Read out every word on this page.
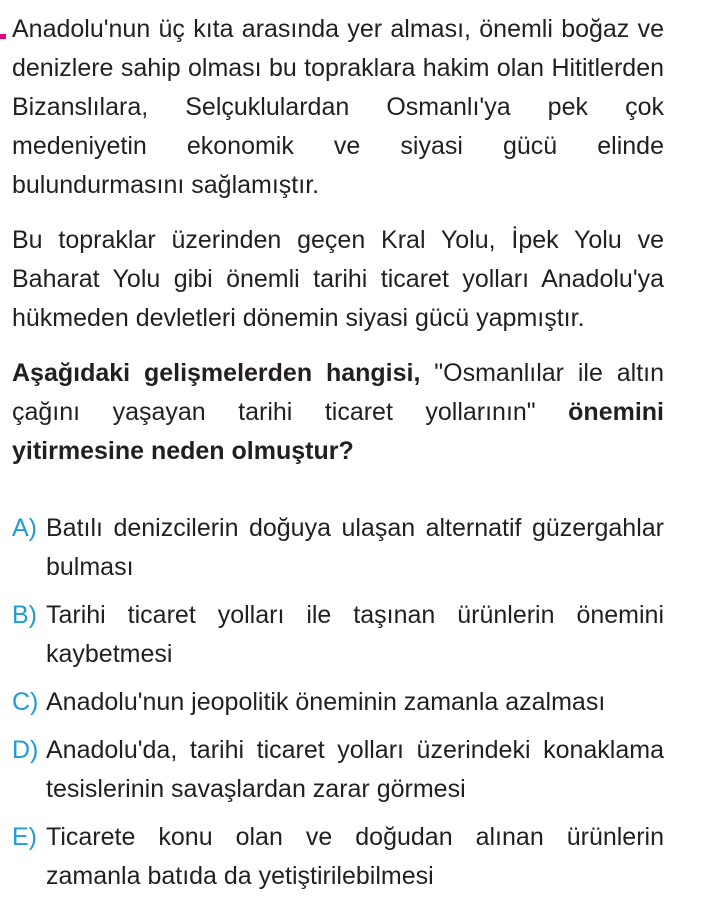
Anadolu'nun üç kıta arasında yer alması, önemli boğaz ve denizlere sahip olması bu topraklara hakim olan Hititlerden Bizanslılara, Selçuklulardan Osmanlı'ya pek çok medeniyetin ekonomik ve siyasi gücü elinde bulundurmasını sağlamıştır.

Bu topraklar üzerinden geçen Kral Yolu, İpek Yolu ve Baharat Yolu gibi önemli tarihi ticaret yolları Anadolu'ya hükmeden devletleri dönemin siyasi gücü yapmıştır.

Aşağıdaki gelişmelerden hangisi, "Osmanlılar ile altın çağını yaşayan tarihi ticaret yollarının" önemini yitirmesine neden olmuştur?

A) Batılı denizcilerin doğuya ulaşan alternatif güzergahlar bulması
B) Tarihi ticaret yolları ile taşınan ürünlerin önemini kaybetmesi
C) Anadolu'nun jeopolitik öneminin zamanla azalması
D) Anadolu'da, tarihi ticaret yolları üzerindeki konaklama tesislerinin savaşlardan zarar görmesi
E) Ticarete konu olan ve doğudan alınan ürünlerin zamanla batıda da yetiştirilebilmesi
